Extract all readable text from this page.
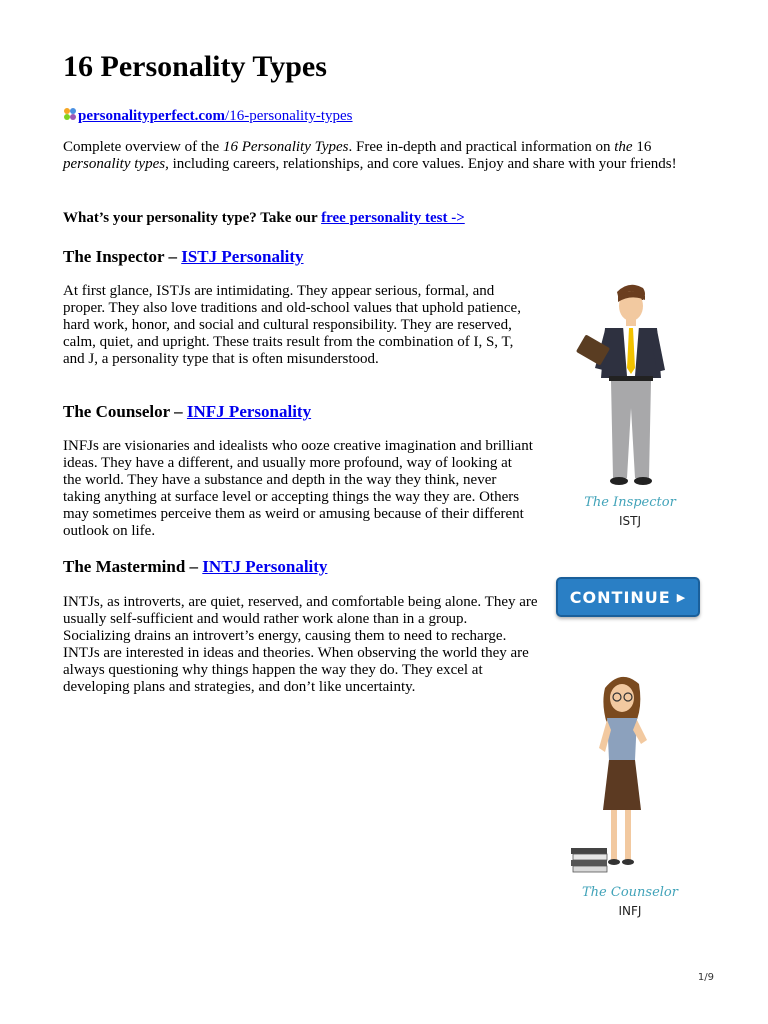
16 Personality Types
personalityperfect.com/16-personality-types

Complete overview of the 16 Personality Types. Free in-depth and practical information on the 16 personality types, including careers, relationships, and core values. Enjoy and share with your friends!

What’s your personality type? Take our free personality test ->
The Inspector – ISTJ Personality

At first glance, ISTJs are intimidating. They appear serious, formal, and proper. They also love traditions and old-school values that uphold patience, hard work, honor, and social and cultural responsibility. They are reserved, calm, quiet, and upright. These traits result from the combination of I, S, T, and J, a personality type that is often misunderstood.

The Counselor – INFJ Personality

INFJs are visionaries and idealists who ooze creative imagination and brilliant ideas. They have a different, and usually more profound, way of looking at the world. They have a substance and depth in the way they think, never taking anything at surface level or accepting things the way they are. Others may sometimes perceive them as weird or amusing because of their different outlook on life.

The Mastermind – INTJ Personality

INTJs, as introverts, are quiet, reserved, and comfortable being alone. They are usually self-sufficient and would rather work alone than in a group. Socializing drains an introvert’s energy, causing them to need to recharge. INTJs are interested in ideas and theories. When observing the world they are always questioning why things happen the way they do. They excel at developing plans and strategies, and don’t like uncertainty.

The Inspector
ISTJ
CONTINUE ▶
The Counselor
INFJ
1/9
